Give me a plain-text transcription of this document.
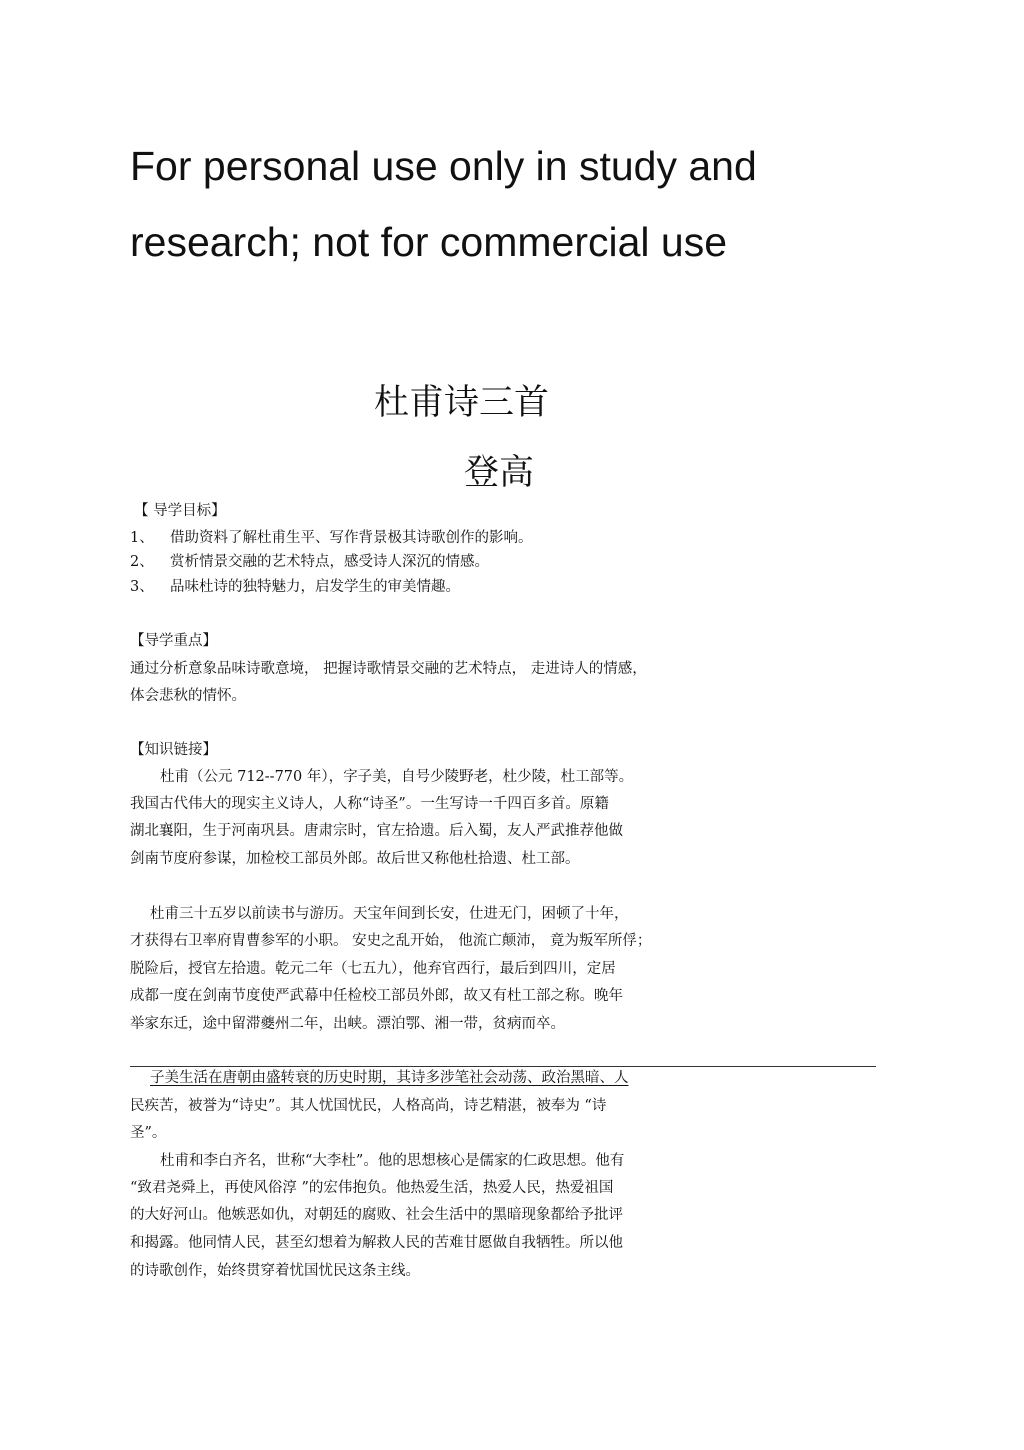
For personal use only in study and
research; not for commercial use
杜甫诗三首
登高
【 导学目标】
1、 借助资料了解杜甫生平、写作背景极其诗歌创作的影响。
2、 赏析情景交融的艺术特点，感受诗人深沉的情感。
3、 品味杜诗的独特魅力，启发学生的审美情趣。
【导学重点】
通过分析意象品味诗歌意境， 把握诗歌情景交融的艺术特点， 走进诗人的情感，
体会悲秋的情怀。
【知识链接】
杜甫（公元 712--770 年），字子美，自号少陵野老，杜少陵，杜工部等。
我国古代伟大的现实主义诗人，人称“诗圣”。一生写诗一千四百多首。原籍
湖北襄阳，生于河南巩县。唐肃宗时，官左拾遗。后入蜀，友人严武推荐他做
剑南节度府参谋，加检校工部员外郎。故后世又称他杜拾遗、杜工部。
杜甫三十五岁以前读书与游历。天宝年间到长安，仕进无门，困顿了十年，
才获得右卫率府胄曹参军的小职。 安史之乱开始， 他流亡颠沛， 竟为叛军所俘；
脱险后，授官左拾遗。乾元二年（七五九），他弃官西行，最后到四川，定居
成都一度在剑南节度使严武幕中任检校工部员外郎，故又有杜工部之称。晚年
举家东迁，途中留滞夔州二年，出峡。漂泊鄂、湘一带，贫病而卒。
子美生活在唐朝由盛转衰的历史时期，其诗多涉笔社会动荡、政治黑暗、人
民疾苦，被誉为“诗史”。其人忧国忧民，人格高尚，诗艺精湛，被奉为 “诗
圣”。
杜甫和李白齐名，世称“大李杜”。他的思想核心是儒家的仁政思想。他有
“致君尧舜上，再使风俗淳 ”的宏伟抱负。他热爱生活，热爱人民，热爱祖国
的大好河山。他嫉恶如仇，对朝廷的腐败、社会生活中的黑暗现象都给予批评
和揭露。他同情人民，甚至幻想着为解救人民的苦难甘愿做自我牺牲。所以他
的诗歌创作，始终贯穿着忧国忧民这条主线。
